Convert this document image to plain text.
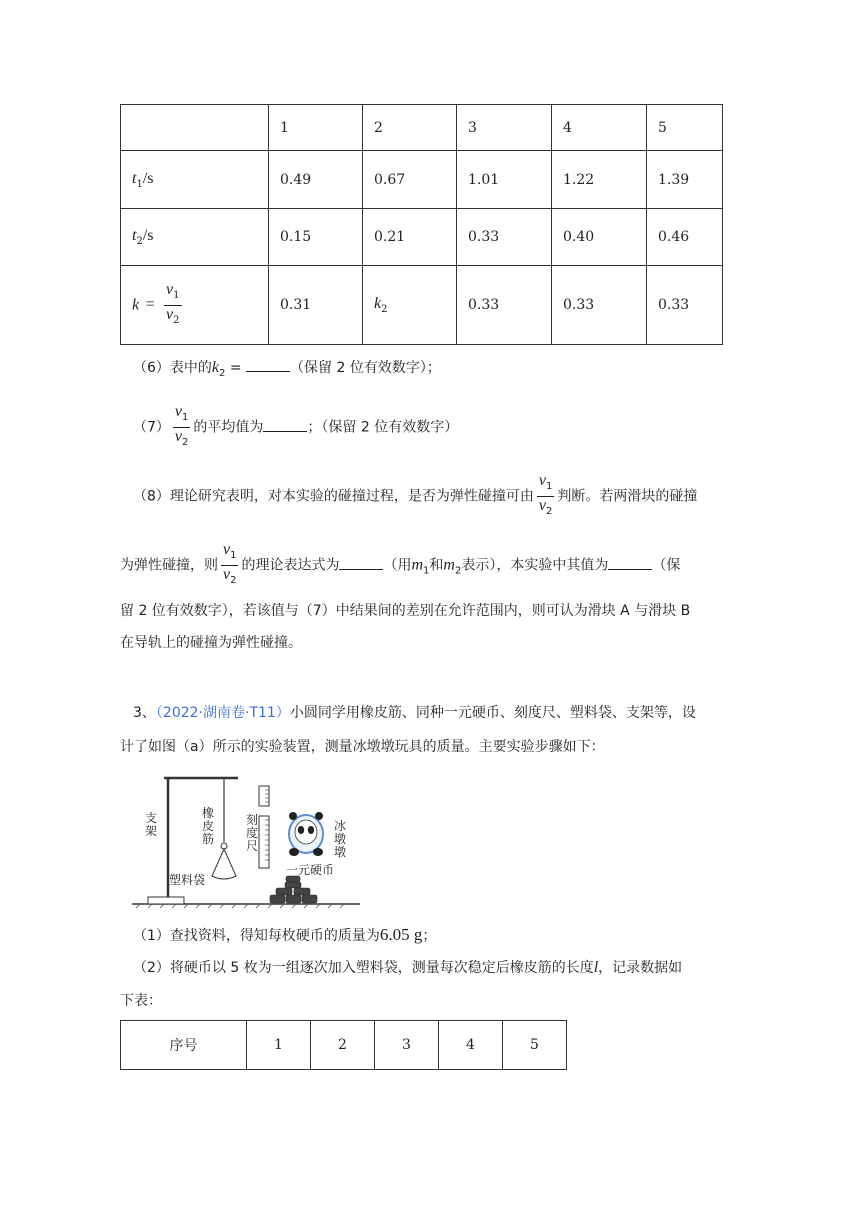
	1	2	3	4	5
$t_1/s$	0.49	0.67	1.01	1.22	1.39
$t_2/s$	0.15	0.21	0.33	0.40	0.46
$k = \frac{v_1}{v_2}$	0.31	$k_2$	0.33	0.33	0.33
（6）表中的$k_2$ =	（保留 2 位有效数字）；
$(7) \frac{v_1}{v_2}$ 的平均值为	；（保留 2 位有效数字）
（8）理论研究表明，对本实验的碰撞过程，是否为弹性碰撞可由 $\frac{v_1}{v_2}$ 判断。若两滑块的碰撞
为弹性碰撞，则 $\frac{v_1}{v_2}$ 的理论表达式为	（用$m_1$和$m_2$表示），本实验中其值为	（保
留 2 位有效数字），若该值与（7）中结果间的差别在允许范围内，则可认为滑块 A 与滑块 B
在导轨上的碰撞为弹性碰撞。
3、（2022·湖南卷·T11）小圆同学用橡皮筋、同种一元硬币、刻度尺、塑料袋、支架等，设
计了如图（a）所示的实验装置，测量冰墩墩玩具的质量。主要实验步骤如下：
支架
橡皮筋
刻度尺
冰墩墩
塑料袋
一元硬币
（1）查找资料，得知每枚硬币的质量为6.05 g；
（2）将硬币以 5 枚为一组逐次加入塑料袋，测量每次稳定后橡皮筋的长度l，记录数据如
下表：
序号	1	2	3	4	5
